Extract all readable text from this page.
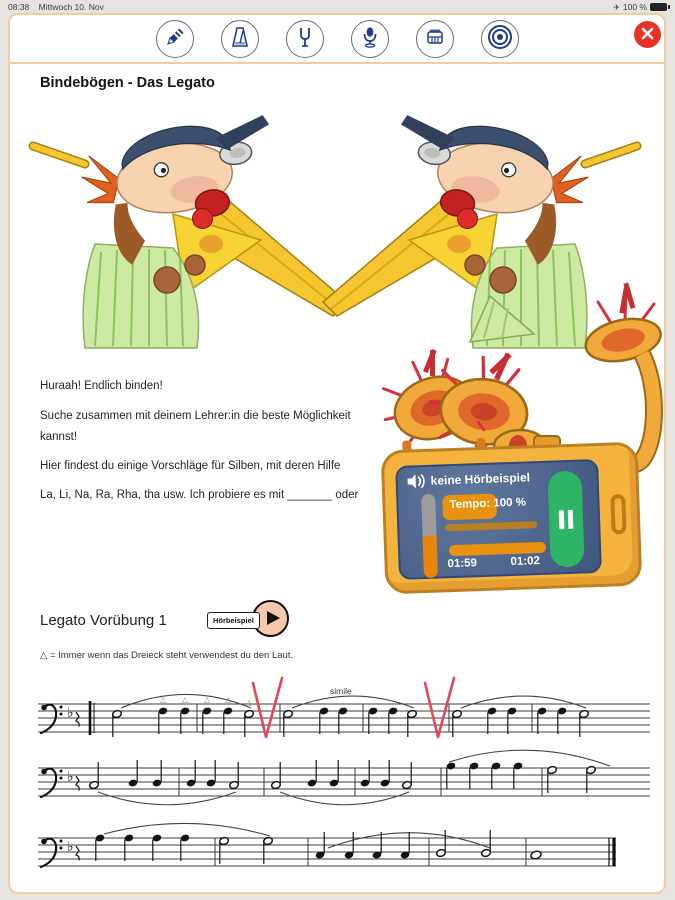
08:38 Mittwoch 10. Nov	✈ 100 %
Bindebögen - Das Legato
Huraah! Endlich binden!
Suche zusammen mit deinem Lehrer:in die beste Möglichkeit
kannst!
Hier findest du einige Vorschläge für Silben, mit deren Hilfe
La, Li, Na, Ra, Rha, tha usw. Ich probiere es mit _______ oder
keine Hörbeispiel
Tempo: 100 %
01:59	01:02
Legato Vorübung 1	Hörbeispiel
△ = Immer wenn das Dreieck steht verwendest du den Laut.
♭
△ △ △ △ △
simile
♭
♭
